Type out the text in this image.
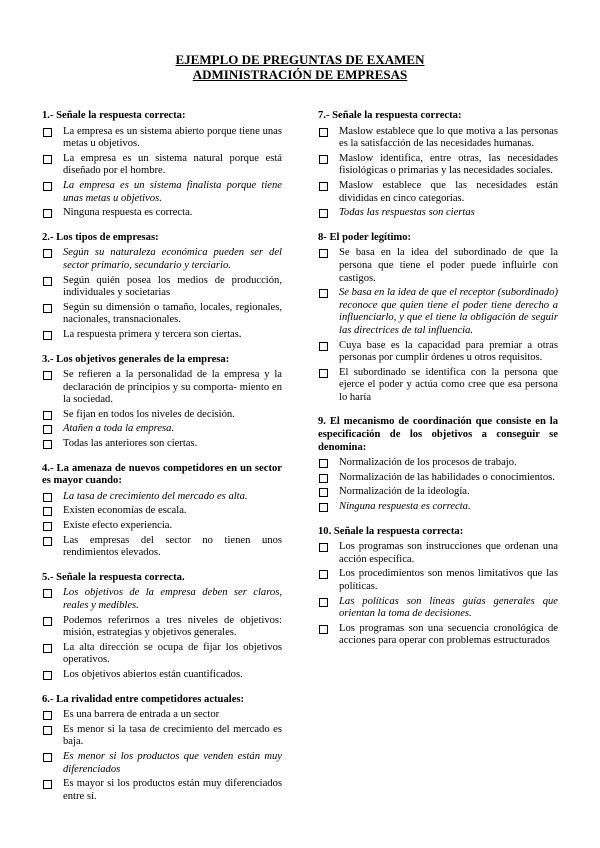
EJEMPLO DE PREGUNTAS DE EXAMEN
ADMINISTRACIÓN DE EMPRESAS
1.- Señale la respuesta correcta:
La empresa es un sistema abierto porque tiene unas metas u objetivos.
La empresa es un sistema natural porque está diseñado por el hombre.
La empresa es un sistema finalista porque tiene unas metas u objetivos.
Ninguna respuesta es correcta.
2.- Los tipos de empresas:
Según su naturaleza económica pueden ser del sector primario, secundario y terciario.
Según quién posea los medios de producción, individuales y societarias
Según su dimensión o tamaño, locales, regionales, nacionales, transnacionales.
La respuesta primera y tercera son ciertas.
3.- Los objetivos generales de la empresa:
Se refieren a la personalidad de la empresa y la declaración de principios y su comporta- miento en la sociedad.
Se fijan en todos los niveles de decisión.
Atañen a toda la empresa.
Todas las anteriores son ciertas.
4.- La amenaza de nuevos competidores en un sector es mayor cuando:
La tasa de crecimiento del mercado es alta.
Existen economías de escala.
Existe efecto experiencia.
Las empresas del sector no tienen unos rendimientos elevados.
5.- Señale la respuesta correcta.
Los objetivos de la empresa deben ser claros, reales y medibles.
Podemos referirnos a tres niveles de objetivos: misión, estrategias y objetivos generales.
La alta dirección se ocupa de fijar los objetivos operativos.
Los objetivos abiertos están cuantificados.
6.- La rivalidad entre competidores actuales:
Es una barrera de entrada a un sector
Es menor si la tasa de crecimiento del mercado es baja.
Es menor si los productos que venden están muy diferenciados
Es mayor si los productos están muy diferenciados entre sí.
7.- Señale la respuesta correcta:
Maslow establece que lo que motiva a las personas es la satisfacción de las necesidades humanas.
Maslow identifica, entre otras, las necesidades fisiológicas o primarias y las necesidades sociales.
Maslow establece que las necesidades están divididas en cinco categorías.
Todas las respuestas son ciertas
8- El poder legítimo:
Se basa en la idea del subordinado de que la persona que tiene el poder puede influirle con castigos.
Se basa en la idea de que el receptor (subordinado) reconoce que quien tiene el poder tiene derecho a influenciarlo, y que el tiene la obligación de seguir las directrices de tal influencia.
Cuya base es la capacidad para premiar a otras personas por cumplir órdenes u otros requisitos.
El subordinado se identifica con la persona que ejerce el poder y actúa como cree que esa persona lo haría
9. El mecanismo de coordinación que consiste en la especificación de los objetivos a conseguir se denomina:
Normalización de los procesos de trabajo.
Normalización de las habilidades o conocimientos.
Normalización de la ideología.
Ninguna respuesta es correcta.
10. Señale la respuesta correcta:
Los programas son instrucciones que ordenan una acción específica.
Los procedimientos son menos limitativos que las políticas.
Las políticas son líneas guías generales que orientan la toma de decisiones.
Los programas son una secuencia cronológica de acciones para operar con problemas estructurados
